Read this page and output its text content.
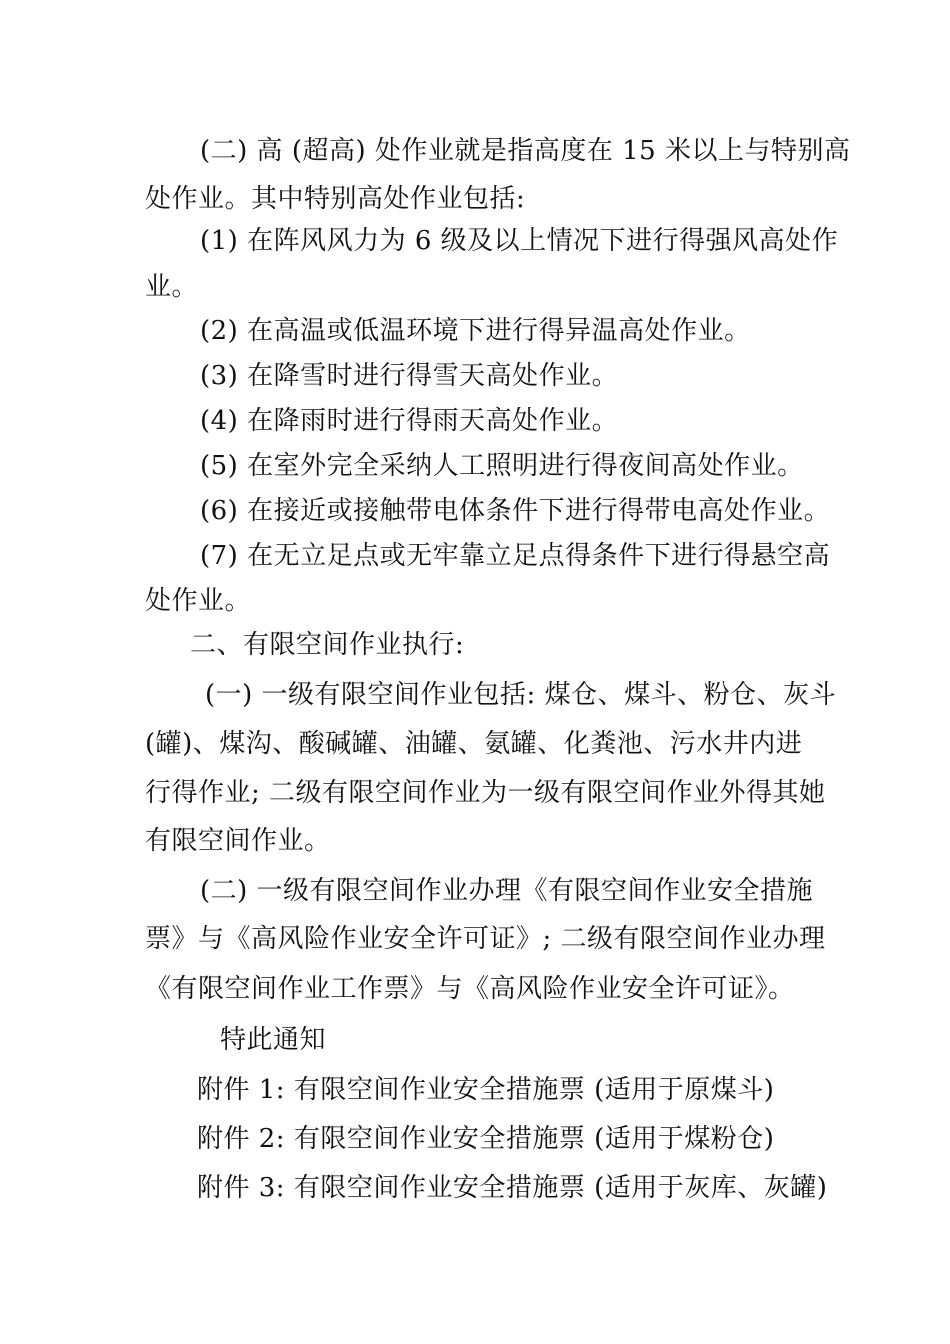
(二) 高 (超高) 处作业就是指高度在 15 米以上与特别高
处作业。其中特别高处作业包括:
(1) 在阵风风力为 6 级及以上情况下进行得强风高处作
业。
(2) 在高温或低温环境下进行得异温高处作业。
(3) 在降雪时进行得雪天高处作业。
(4) 在降雨时进行得雨天高处作业。
(5) 在室外完全采纳人工照明进行得夜间高处作业。
(6) 在接近或接触带电体条件下进行得带电高处作业。
(7) 在无立足点或无牢靠立足点得条件下进行得悬空高
处作业。
二、有限空间作业执行:
(一) 一级有限空间作业包括: 煤仓、煤斗、粉仓、灰斗
(罐)、煤沟、酸碱罐、油罐、氨罐、化粪池、污水井内进
行得作业; 二级有限空间作业为一级有限空间作业外得其她
有限空间作业。
(二) 一级有限空间作业办理《有限空间作业安全措施
票》与《高风险作业安全许可证》; 二级有限空间作业办理
《有限空间作业工作票》与《高风险作业安全许可证》。
特此通知
附件 1: 有限空间作业安全措施票 (适用于原煤斗)
附件 2: 有限空间作业安全措施票 (适用于煤粉仓)
附件 3: 有限空间作业安全措施票 (适用于灰库、灰罐)
